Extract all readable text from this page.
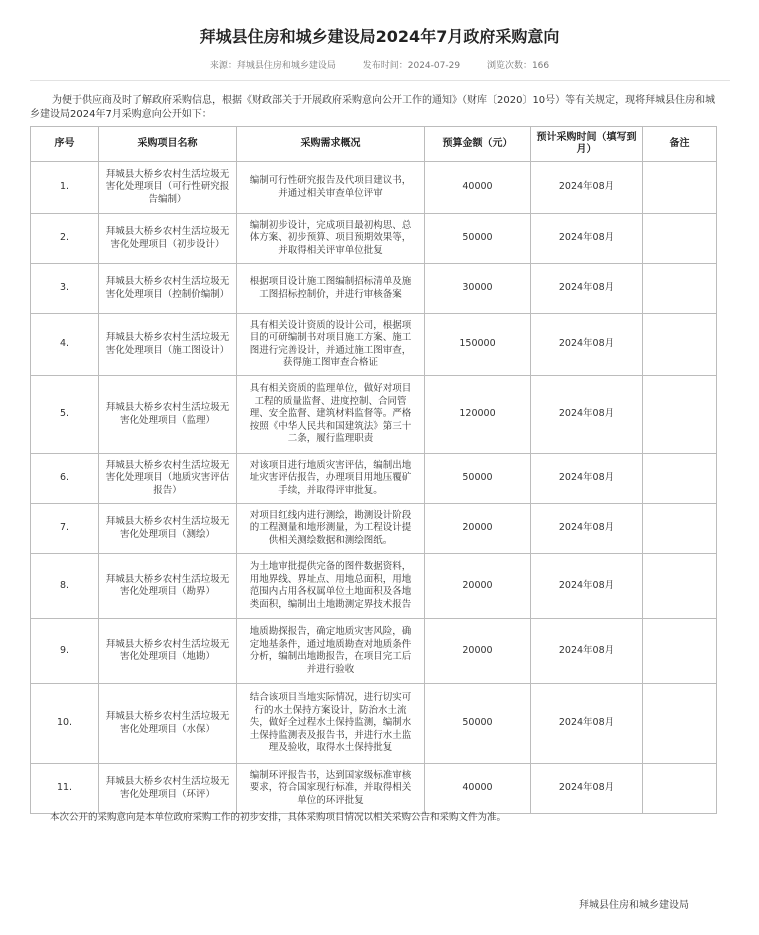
拜城县住房和城乡建设局2024年7月政府采购意向
来源：拜城县住房和城乡建设局	发布时间：2024-07-29	浏览次数：166

为便于供应商及时了解政府采购信息，根据《财政部关于开展政府采购意向公开工作的通知》（财库〔2020〕10号）等有关规定，现将拜城县住房和城乡建设局2024年7月采购意向公开如下：

序号	采购项目名称	采购需求概况	预算金额（元）	预计采购时间（填写到月）	备注
1.	拜城县大桥乡农村生活垃圾无害化处理项目（可行性研究报告编制）	编制可行性研究报告及代项目建议书，并通过相关审查单位评审	40000	2024年08月	
2.	拜城县大桥乡农村生活垃圾无害化处理项目（初步设计）	编制初步设计，完成项目最初构思、总体方案、初步预算、项目预期效果等，并取得相关评审单位批复	50000	2024年08月	
3.	拜城县大桥乡农村生活垃圾无害化处理项目（控制价编制）	根据项目设计施工图编制招标清单及施工图招标控制价，并进行审核备案	30000	2024年08月	
4.	拜城县大桥乡农村生活垃圾无害化处理项目（施工图设计）	具有相关设计资质的设计公司，根据项目的可研编制书对项目施工方案、施工图进行完善设计，并通过施工图审查，获得施工图审查合格证	150000	2024年08月	
5.	拜城县大桥乡农村生活垃圾无害化处理项目（监理）	具有相关资质的监理单位，做好对项目工程的质量监督、进度控制、合同管理、安全监督、建筑材料监督等。严格按照《中华人民共和国建筑法》第三十二条，履行监理职责	120000	2024年08月	
6.	拜城县大桥乡农村生活垃圾无害化处理项目（地质灾害评估报告）	对该项目进行地质灾害评估，编制出地址灾害评估报告，办理项目用地压覆矿手续，并取得评审批复。	50000	2024年08月	
7.	拜城县大桥乡农村生活垃圾无害化处理项目（测绘）	对项目红线内进行测绘，勘测设计阶段的工程测量和地形测量，为工程设计提供相关测绘数据和测绘图纸。	20000	2024年08月	
8.	拜城县大桥乡农村生活垃圾无害化处理项目（勘界）	为土地审批提供完备的图件数据资料，用地界线、界址点、用地总面积，用地范围内占用各权属单位土地面积及各地类面积，编制出土地勘测定界技术报告	20000	2024年08月	
9.	拜城县大桥乡农村生活垃圾无害化处理项目（地勘）	地质勘探报告，确定地质灾害风险，确定地基条件，通过地质勘查对地质条件分析，编制出地勘报告，在项目完工后并进行验收	20000	2024年08月	
10.	拜城县大桥乡农村生活垃圾无害化处理项目（水保）	结合该项目当地实际情况，进行切实可行的水土保持方案设计，防治水土流失，做好全过程水土保持监测，编制水土保持监测表及报告书，并进行水土监理及验收，取得水土保持批复	50000	2024年08月	
11.	拜城县大桥乡农村生活垃圾无害化处理项目（环评）	编制环评报告书，达到国家级标准审核要求，符合国家现行标准，并取得相关单位的环评批复	40000	2024年08月	
本次公开的采购意向是本单位政府采购工作的初步安排，具体采购项目情况以相关采购公告和采购文件为准。
拜城县住房和城乡建设局
